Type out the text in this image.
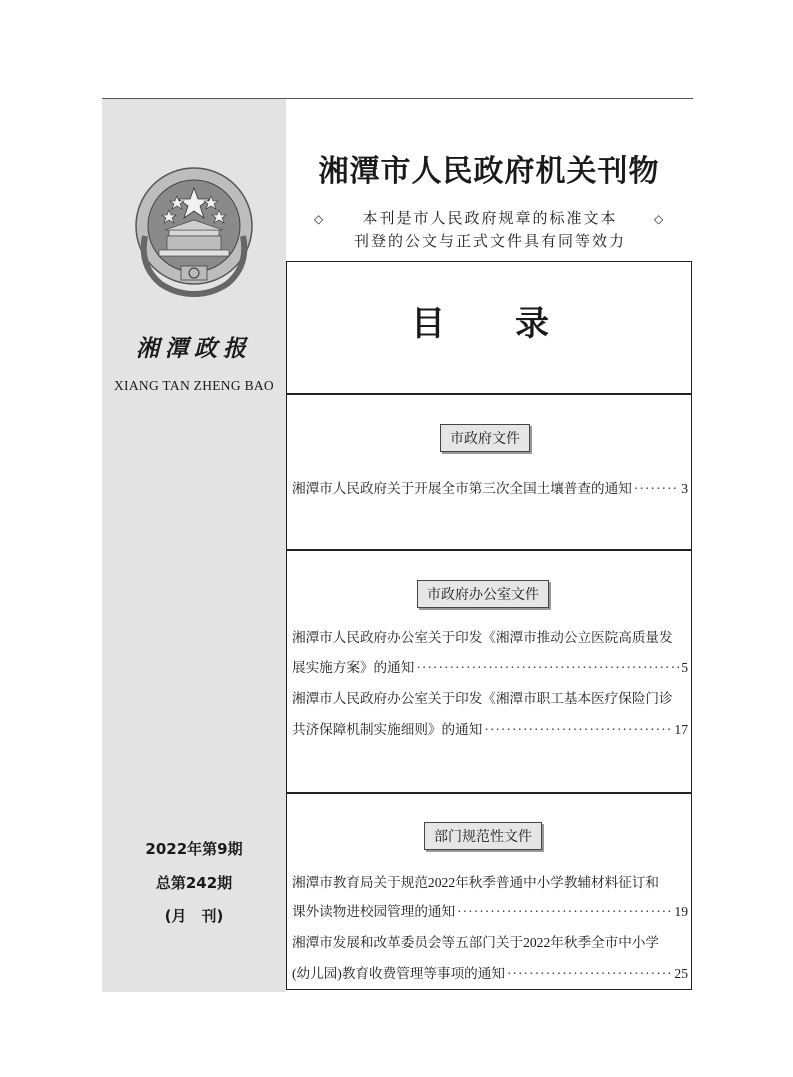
湘潭政报
XIANG TAN ZHENG BAO
2022年第9期
总第242期
(月　刊)
湘潭市人民政府机关刊物
◇	本刊是市人民政府规章的标准文本	◇
刊登的公文与正式文件具有同等效力
目　录
市政府文件
湘潭市人民政府关于开展全市第三次全国土壤普查的通知 ·····	3
市政府办公室文件
湘潭市人民政府办公室关于印发《湘潭市推动公立医院高质量发
展实施方案》的通知 ·····	5
湘潭市人民政府办公室关于印发《湘潭市职工基本医疗保险门诊
共济保障机制实施细则》的通知 ·····	17
部门规范性文件
湘潭市教育局关于规范2022年秋季普通中小学教辅材料征订和
课外读物进校园管理的通知 ·····	19
湘潭市发展和改革委员会等五部门关于2022年秋季全市中小学
(幼儿园)教育收费管理等事项的通知 ·····	25
